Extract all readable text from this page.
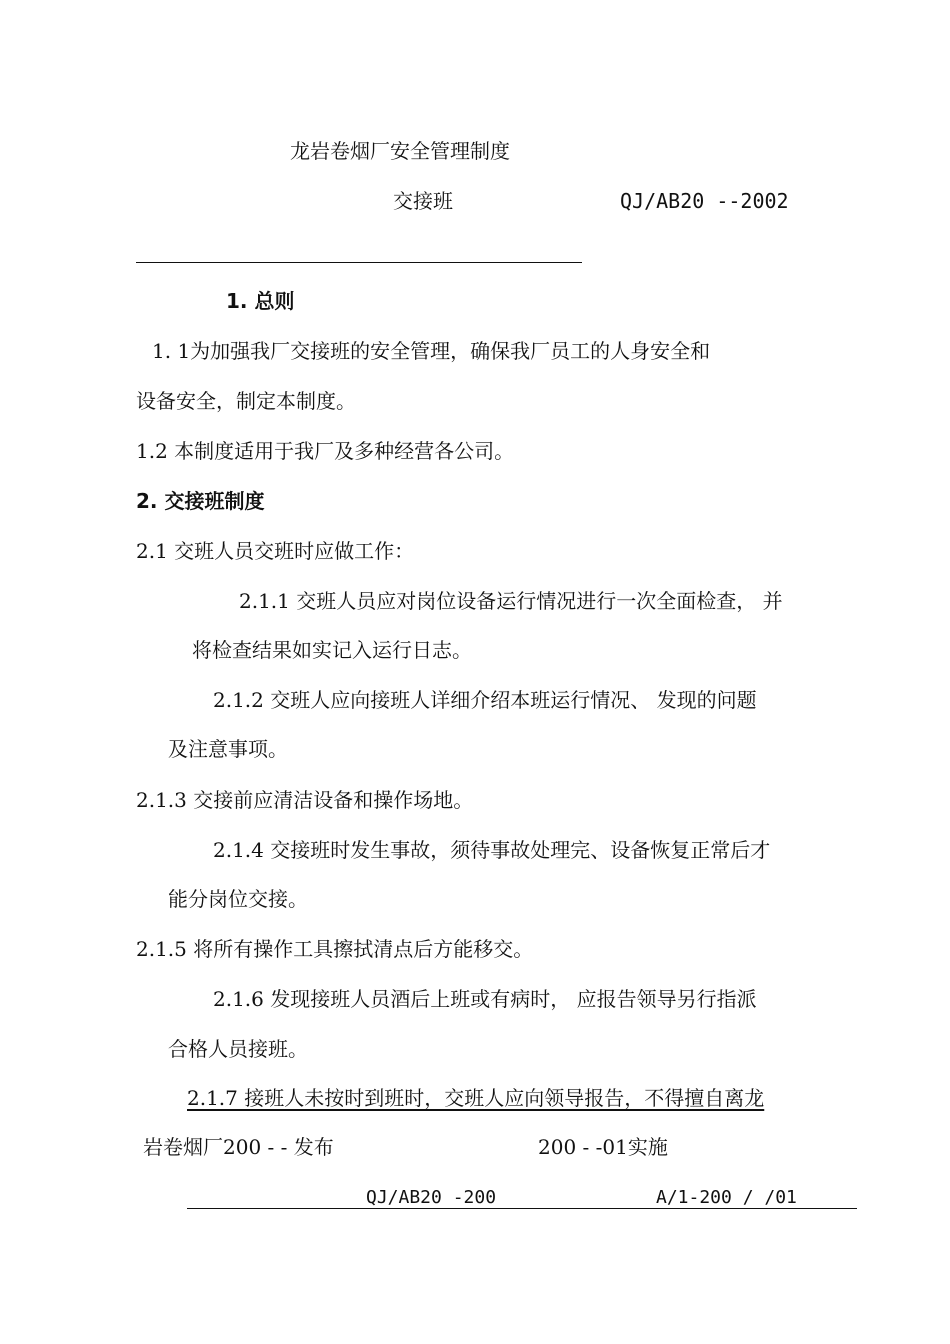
龙岩卷烟厂安全管理制度
交接班	QJ/AB20 --2002
1. 总则
1. 1为加强我厂交接班的安全管理，确保我厂员工的人身安全和
设备安全，制定本制度。
1.2 本制度适用于我厂及多种经营各公司。
2. 交接班制度
2.1 交班人员交班时应做工作：
2.1.1 交班人员应对岗位设备运行情况进行一次全面检查， 并
将检查结果如实记入运行日志。
2.1.2 交班人应向接班人详细介绍本班运行情况、 发现的问题
及注意事项。
2.1.3 交接前应清洁设备和操作场地。
2.1.4 交接班时发生事故，须待事故处理完、设备恢复正常后才
能分岗位交接。
2.1.5 将所有操作工具擦拭清点后方能移交。
2.1.6 发现接班人员酒后上班或有病时， 应报告领导另行指派
合格人员接班。
2.1.7 接班人未按时到班时，交班人应向领导报告，不得擅自离龙
岩卷烟厂200 - - 发布	200 - -01实施
QJ/AB20 -200	A/1-200 / /01
